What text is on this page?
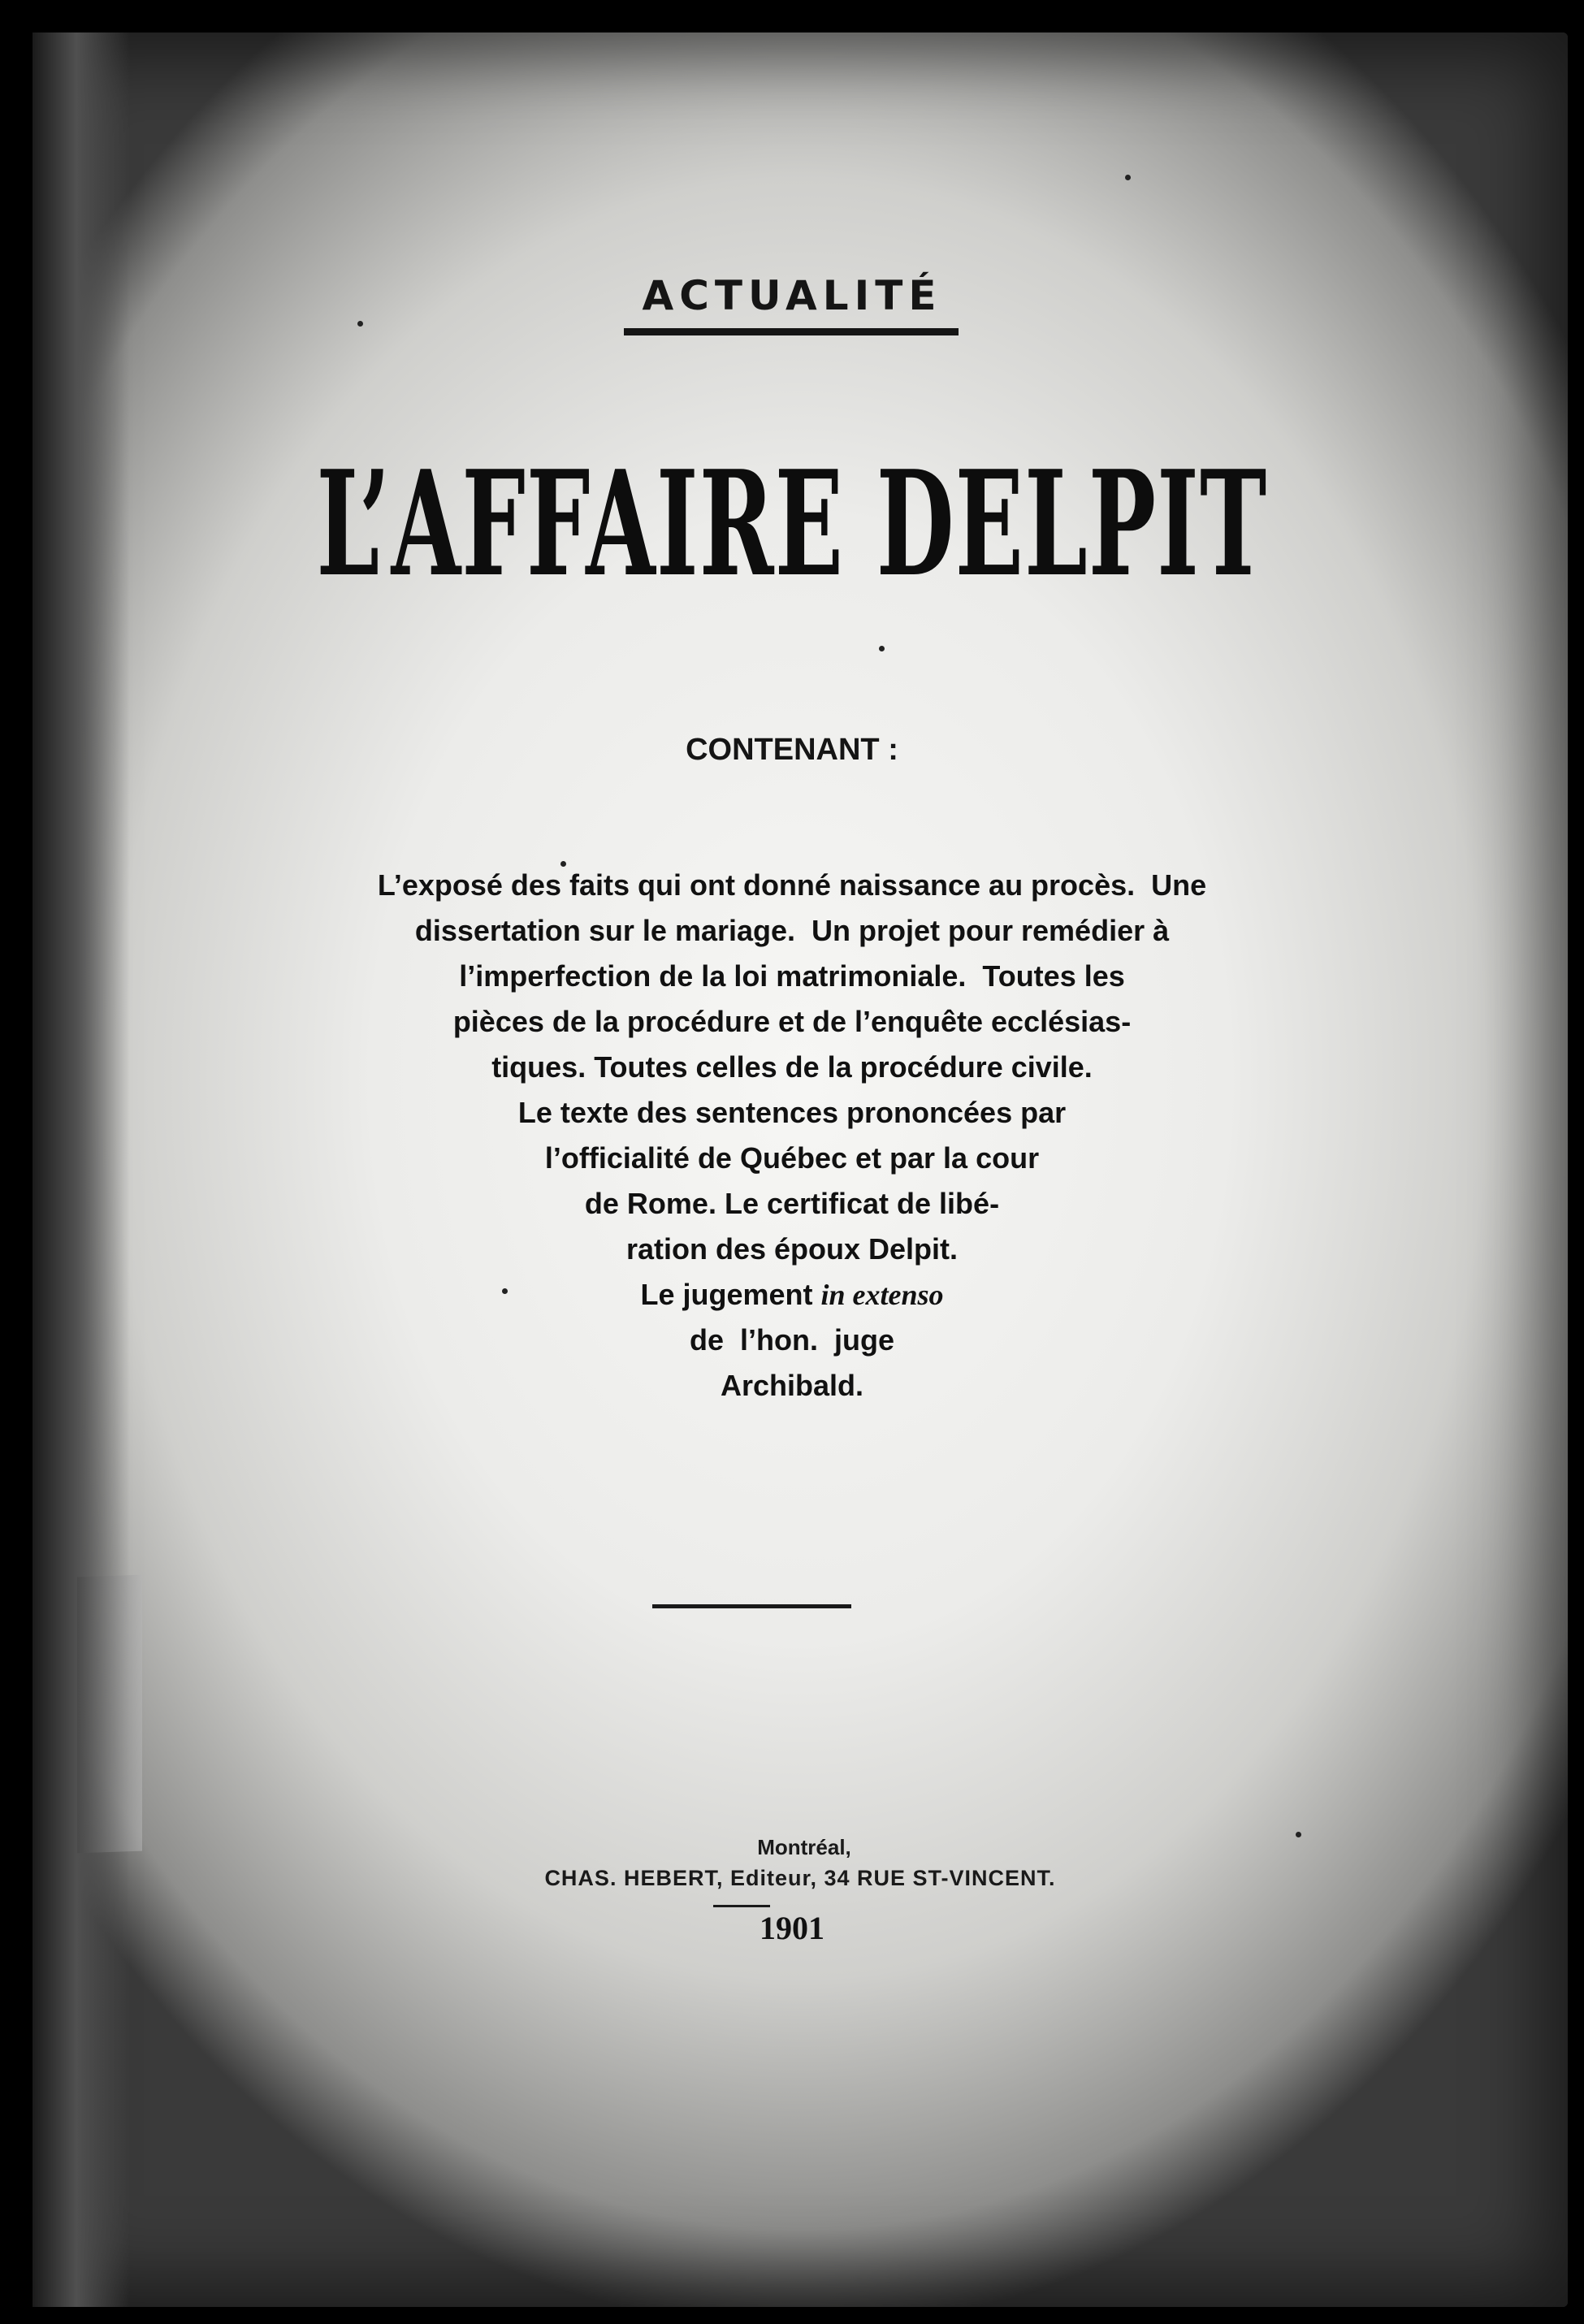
ACTUALITÉ
L’AFFAIRE DELPIT
CONTENANT :
L’exposé des faits qui ont donné naissance au procès.  Une
dissertation sur le mariage.  Un projet pour remédier à
l’imperfection de la loi matrimoniale.  Toutes les
pièces de la procédure et de l’enquête ecclésias-
tiques. Toutes celles de la procédure civile.
Le texte des sentences prononcées par
l’officialité de Québec et par la cour
de Rome. Le certificat de libé-
ration des époux Delpit.
Le jugement in extenso
de  l’hon.  juge
Archibald.
Montréal,
CHAS. HEBERT, Editeur, 34 RUE ST-VINCENT.
1901
